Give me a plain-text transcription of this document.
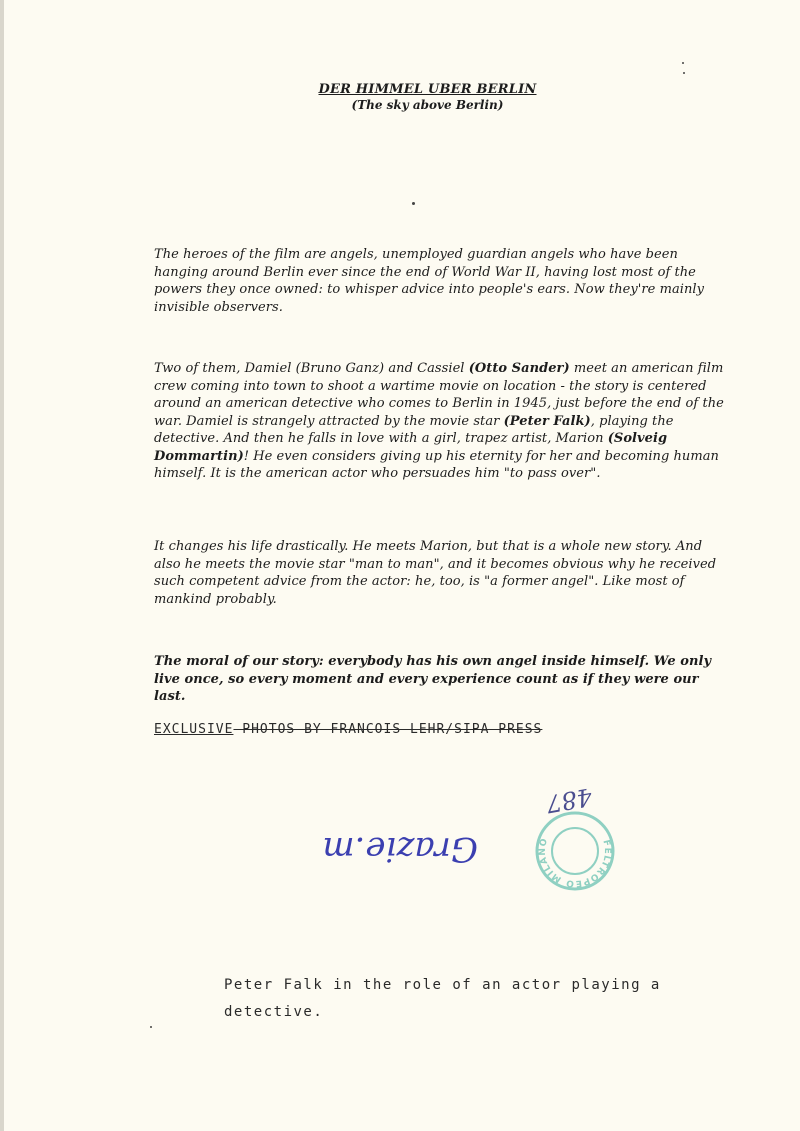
DER HIMMEL UBER BERLIN
(The sky above Berlin)
The heroes of the film are angels, unemployed guardian angels who have been hanging around Berlin ever since the end of World War II, having lost most of the powers they once owned: to whisper advice into people's ears. Now they're mainly invisible observers.
Two of them, Damiel (Bruno Ganz) and Cassiel (Otto Sander) meet an american film crew coming into town to shoot a wartime movie on location - the story is centered around an american detective who comes to Berlin in 1945, just before the end of the war. Damiel is strangely attracted by the movie star (Peter Falk), playing the detective. And then he falls in love with a girl, trapez artist, Marion (Solveig Dommartin)! He even considers giving up his eternity for her and becoming human himself. It is the american actor who persuades him "to pass over".
It changes his life drastically. He meets Marion, but that is a whole new story. And also he meets the movie star "man to man", and it becomes obvious why he received such competent advice from the actor: he, too, is "a former angel". Like most of mankind probably.
The moral of our story: everybody has his own angel inside himself. We only live once, so every moment and every experience count as if they were our last.
EXCLUSIVE PHOTOS BY FRANCOIS LEHR/SIPA PRESS
487
Grazie.m	FELTROPEO MILANO
Peter Falk in the role of an actor playing a detective.
